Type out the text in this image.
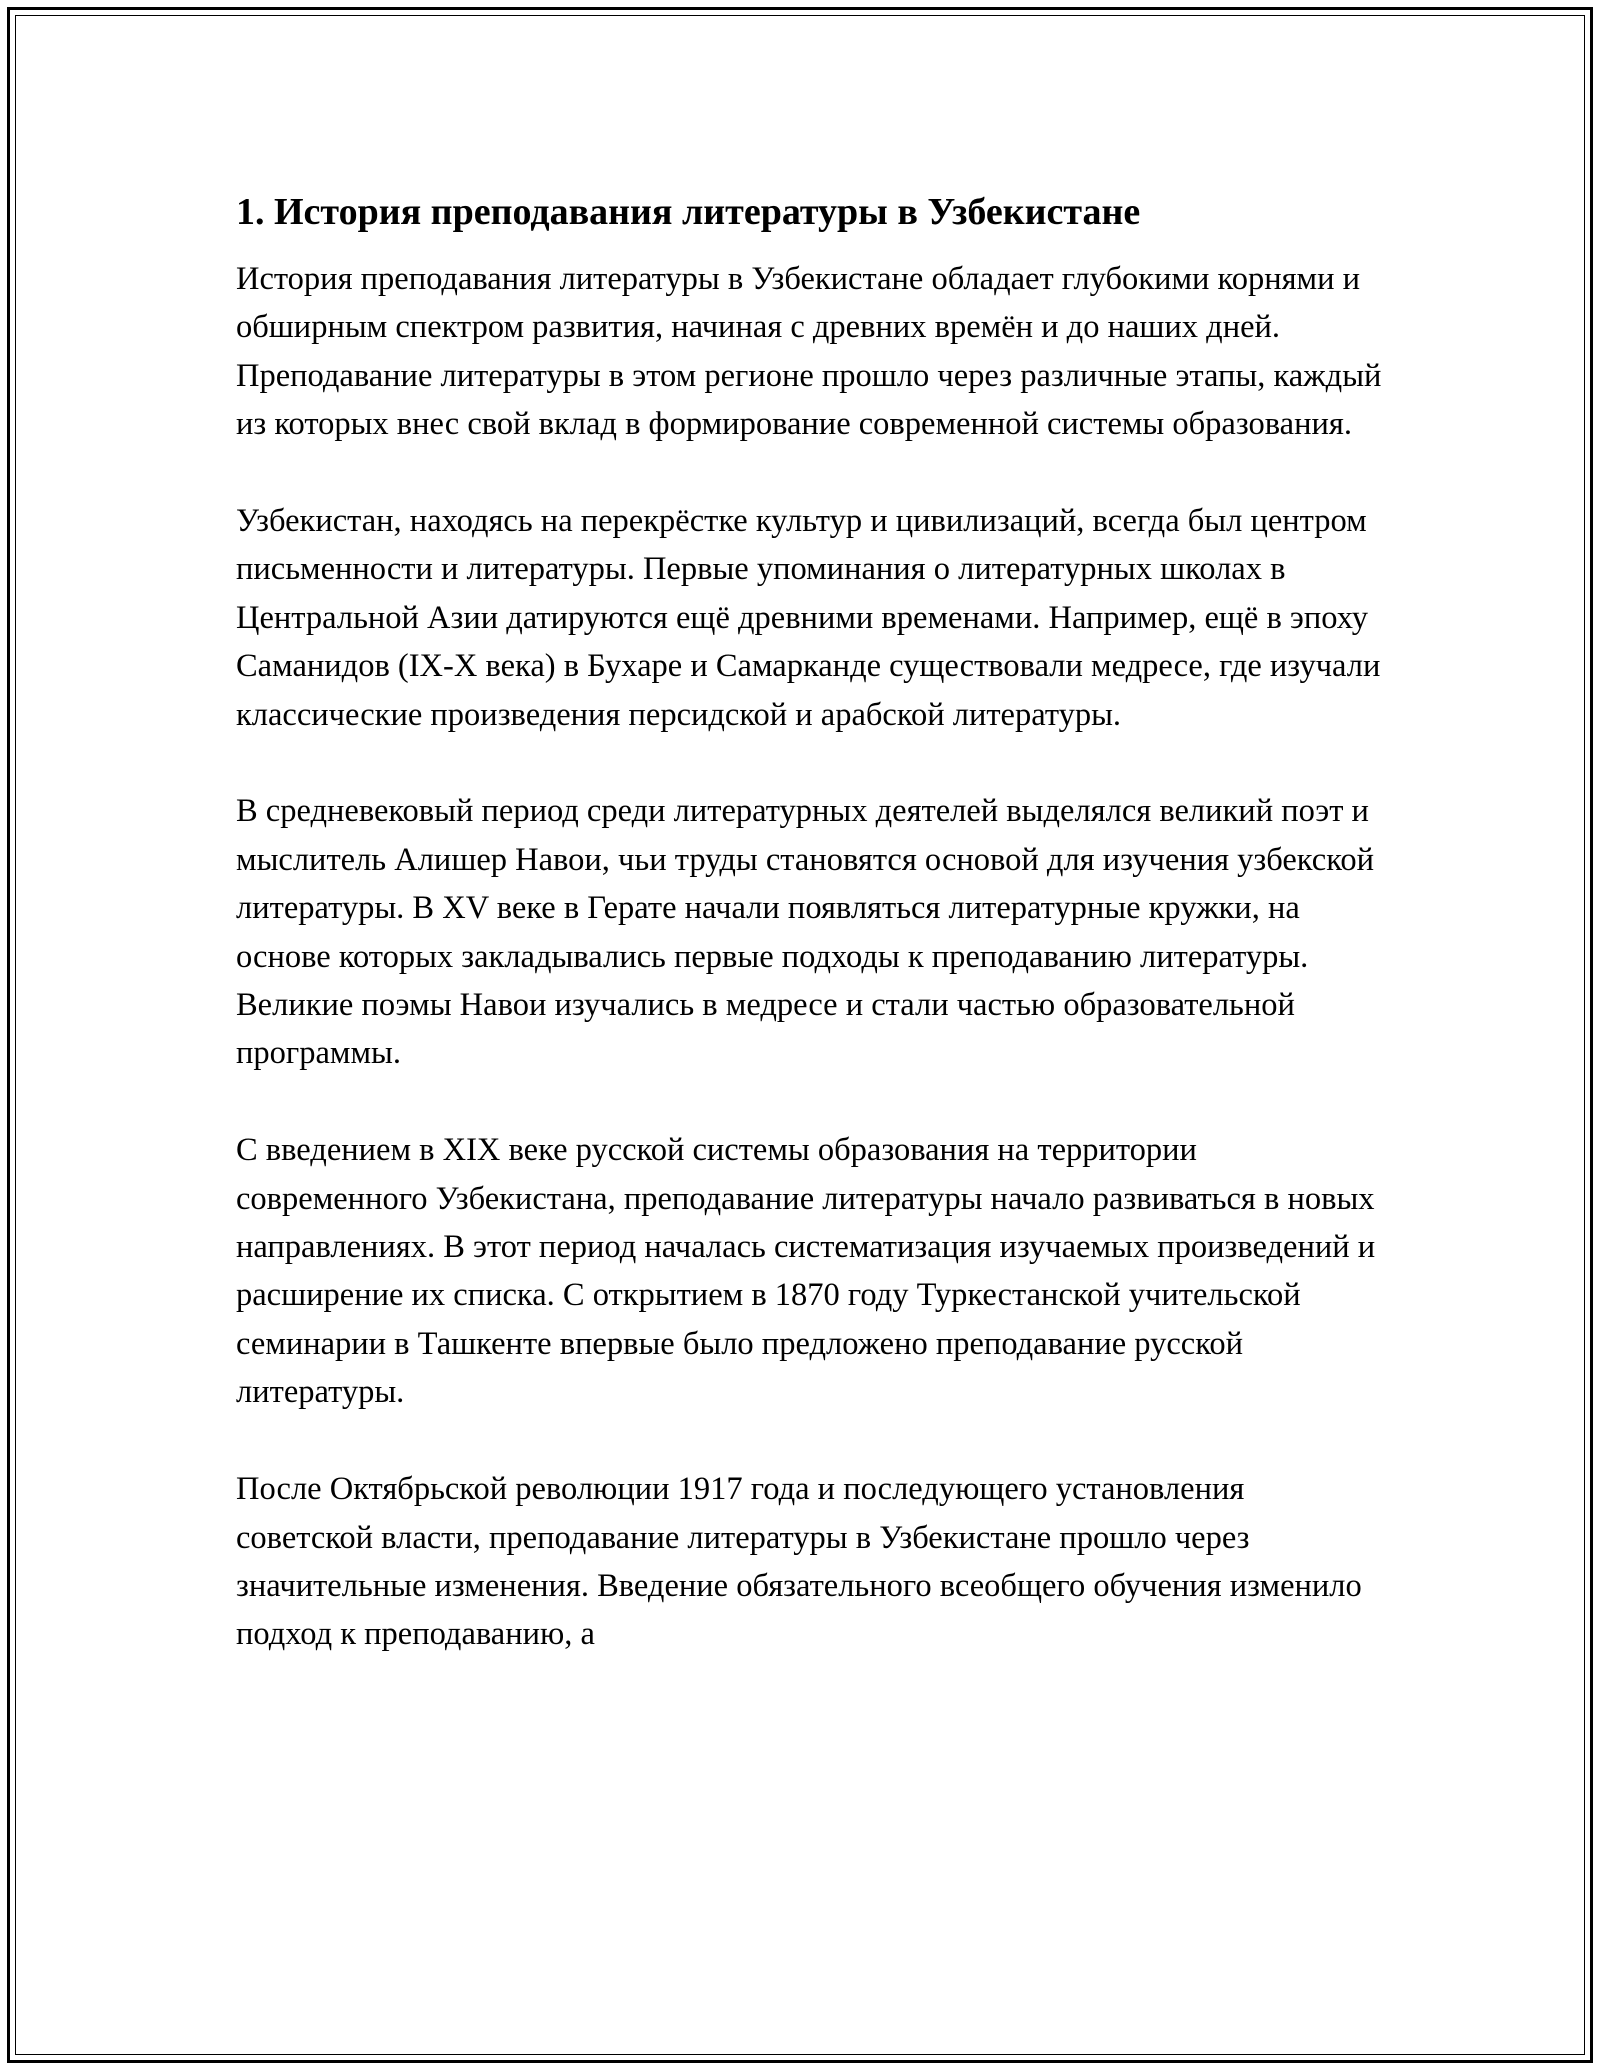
1. История преподавания литературы в Узбекистане

История преподавания литературы в Узбекистане обладает глубокими корнями и обширным спектром развития, начиная с древних времён и до наших дней. Преподавание литературы в этом регионе прошло через различные этапы, каждый из которых внес свой вклад в формирование современной системы образования.

Узбекистан, находясь на перекрёстке культур и цивилизаций, всегда был центром письменности и литературы. Первые упоминания о литературных школах в Центральной Азии датируются ещё древними временами. Например, ещё в эпоху Саманидов (IX-X века) в Бухаре и Самарканде существовали медресе, где изучали классические произведения персидской и арабской литературы.

В средневековый период среди литературных деятелей выделялся великий поэт и мыслитель Алишер Навои, чьи труды становятся основой для изучения узбекской литературы. В XV веке в Герате начали появляться литературные кружки, на основе которых закладывались первые подходы к преподаванию литературы. Великие поэмы Навои изучались в медресе и стали частью образовательной программы.

С введением в XIX веке русской системы образования на территории современного Узбекистана, преподавание литературы начало развиваться в новых направлениях. В этот период началась систематизация изучаемых произведений и расширение их списка. С открытием в 1870 году Туркестанской учительской семинарии в Ташкенте впервые было предложено преподавание русской литературы.

После Октябрьской революции 1917 года и последующего установления советской власти, преподавание литературы в Узбекистане прошло через значительные изменения. Введение обязательного всеобщего обучения изменило подход к преподаванию, а
